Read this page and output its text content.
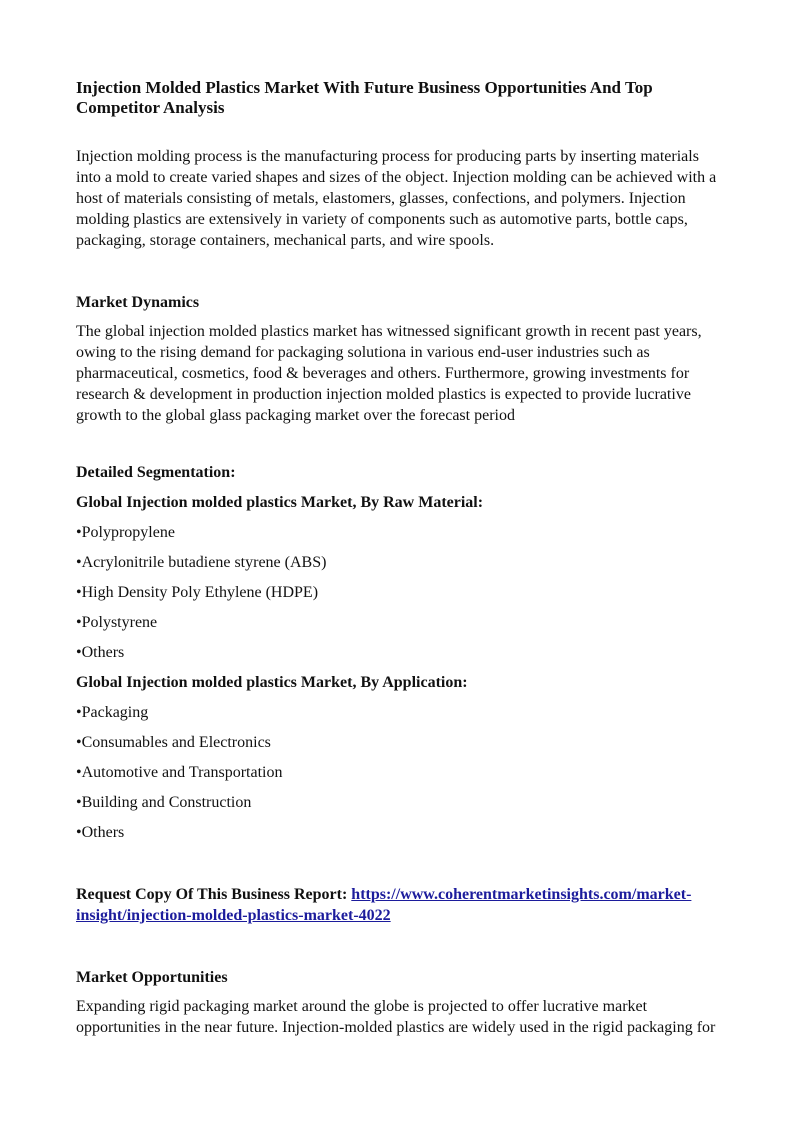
Injection Molded Plastics Market With Future Business Opportunities And Top Competitor Analysis

Injection molding process is the manufacturing process for producing parts by inserting materials into a mold to create varied shapes and sizes of the object. Injection molding can be achieved with a host of materials consisting of metals, elastomers, glasses, confections, and polymers. Injection molding plastics are extensively in variety of components such as automotive parts, bottle caps, packaging, storage containers, mechanical parts, and wire spools.

Market Dynamics

The global injection molded plastics market has witnessed significant growth in recent past years, owing to the rising demand for packaging solutiona in various end-user industries such as pharmaceutical, cosmetics, food & beverages and others. Furthermore, growing investments for research & development in production injection molded plastics is expected to provide lucrative growth to the global glass packaging market over the forecast period

Detailed Segmentation:
Global Injection molded plastics Market, By Raw Material:

•Polypropylene

•Acrylonitrile butadiene styrene (ABS)

•High Density Poly Ethylene (HDPE)

•Polystyrene

•Others

Global Injection molded plastics Market, By Application:

•Packaging

•Consumables and Electronics

•Automotive and Transportation

•Building and Construction

•Others

Request Copy Of This Business Report: https://www.coherentmarketinsights.com/market-insight/injection-molded-plastics-market-4022

Market Opportunities

Expanding rigid packaging market around the globe is projected to offer lucrative market opportunities in the near future. Injection-molded plastics are widely used in the rigid packaging for
